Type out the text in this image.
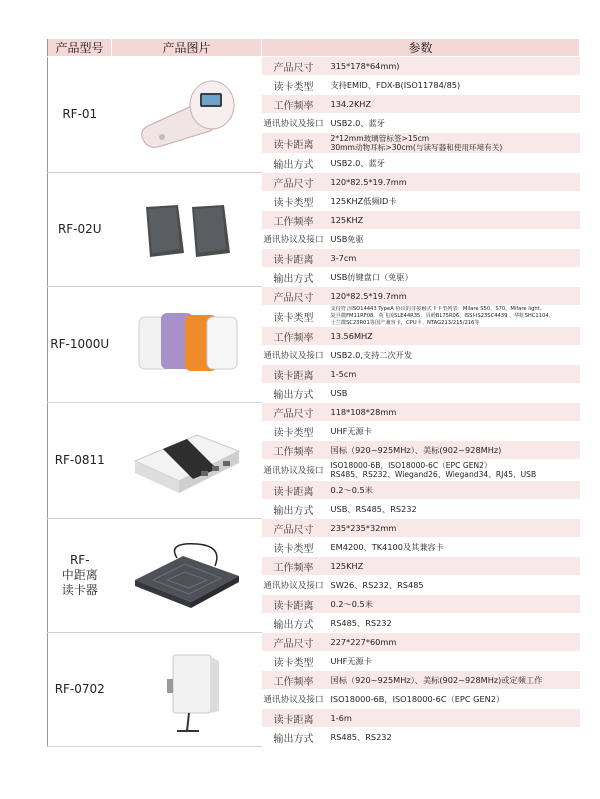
产品型号	产品图片	参数	

RF-01		产品尺寸	315*178*64mm)

		读卡类型	支持EMID、FDX-B(ISO11784/85)

		工作频率	134.2KHZ

		通讯协议及接口	USB2.0、蓝牙

		读卡距离	2*12mm玻璃管标签>15cm
30mm动物耳标>30cm(与读写器和使用环境有关)

		输出方式	USB2.0、蓝牙

RF-02U		产品尺寸	120*82.5*19.7mm

		读卡类型	125KHZ低频ID卡

		工作频率	125KHZ

		通讯协议及接口	USB免驱

		读卡距离	3-7cm

		输出方式	USB仿键盘口（免驱）

RF-1000U		产品尺寸	120*82.5*19.7mm

		读卡类型	支持符合ISO14443 TypeA 协议的非接触式卡卡型列表：Milare S50、S70、Mifare light,
复旦微FM11RF08、英飞凌SLE44R35、贝岭BL75R06、ISSI-IS23SC4439 、华虹SHC1104、
士兰微SC23R01等国产兼容卡，CPU卡、NTAG213/215/216等

		工作频率	13.56MHZ

		通讯协议及接口	USB2.0,支持二次开发

		读卡距离	1-5cm

		输出方式	USB

RF-0811		产品尺寸	118*108*28mm

		读卡类型	UHF无源卡

		工作频率	国标（920~925MHz）、美标(902~928MHz)

		通讯协议及接口	ISO18000-6B，ISO18000-6C（EPC GEN2）
RS485、RS232、Wiegand26、Wiegand34、RJ45、USB

		读卡距离	0.2～0.5米

		输出方式	USB、RS485、RS232

RF-
中距离
读卡器		产品尺寸	235*235*32mm

		读卡类型	EM4200、TK4100及其兼容卡

		工作频率	125KHZ

		通讯协议及接口	SW26、RS232、RS485

		读卡距离	0.2～0.5米

		输出方式	RS485、RS232

RF-0702		产品尺寸	227*227*60mm

		读卡类型	UHF无源卡

		工作频率	国标（920~925MHz）、美标(902~928MHz)或定频工作

		通讯协议及接口	ISO18000-6B，ISO18000-6C（EPC GEN2）

		读卡距离	1-6m

		输出方式	RS485、RS232
